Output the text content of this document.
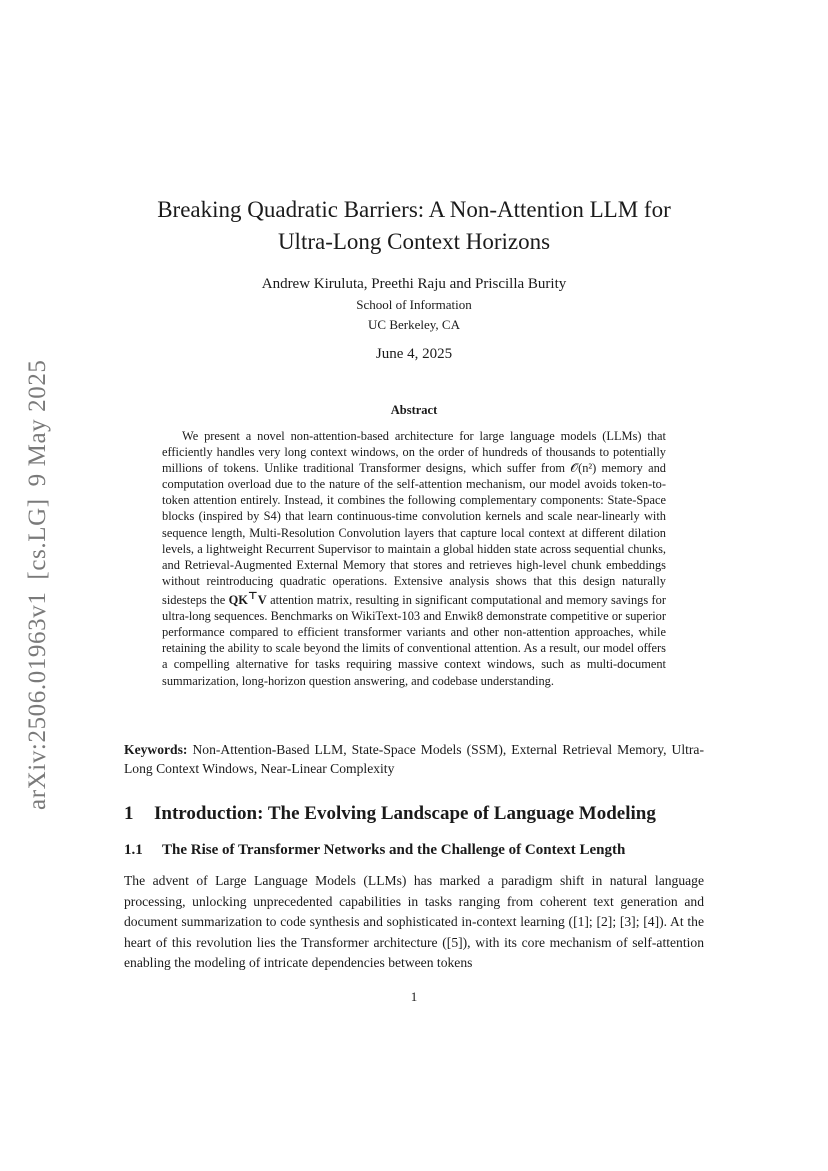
arXiv:2506.01963v1[cs.LG]9 May 2025
Breaking Quadratic Barriers: A Non-Attention LLM for
Ultra-Long Context Horizons
Andrew Kiruluta, Preethi Raju and Priscilla Burity
School of Information
UC Berkeley, CA
June 4, 2025
Abstract

We present a novel non-attention-based architecture for large language models (LLMs) that efficiently handles very long context windows, on the order of hundreds of thousands to potentially millions of tokens. Unlike traditional Transformer designs, which suffer from 𝒪(n²) memory and computation overload due to the nature of the self-attention mechanism, our model avoids token-to-token attention entirely. Instead, it combines the following complementary components: State-Space blocks (inspired by S4) that learn continuous-time convolution kernels and scale near-linearly with sequence length, Multi-Resolution Convolution layers that capture local context at different dilation levels, a lightweight Recurrent Supervisor to maintain a global hidden state across sequential chunks, and Retrieval-Augmented External Memory that stores and retrieves high-level chunk embeddings without reintroducing quadratic operations. Extensive analysis shows that this design naturally sidesteps the QK⊤V attention matrix, resulting in significant computational and memory savings for ultra-long sequences. Benchmarks on WikiText-103 and Enwik8 demonstrate competitive or superior performance compared to efficient transformer variants and other non-attention approaches, while retaining the ability to scale beyond the limits of conventional attention. As a result, our model offers a compelling alternative for tasks requiring massive context windows, such as multi-document summarization, long-horizon question answering, and codebase understanding.

Keywords: Non-Attention-Based LLM, State-Space Models (SSM), External Retrieval Memory, Ultra-Long Context Windows, Near-Linear Complexity

1 Introduction: The Evolving Landscape of Language Modeling
1.1 The Rise of Transformer Networks and the Challenge of Context Length

The advent of Large Language Models (LLMs) has marked a paradigm shift in natural language processing, unlocking unprecedented capabilities in tasks ranging from coherent text generation and document summarization to code synthesis and sophisticated in-context learning ([1]; [2]; [3]; [4]). At the heart of this revolution lies the Transformer architecture ([5]), with its core mechanism of self-attention enabling the modeling of intricate dependencies between tokens

1
